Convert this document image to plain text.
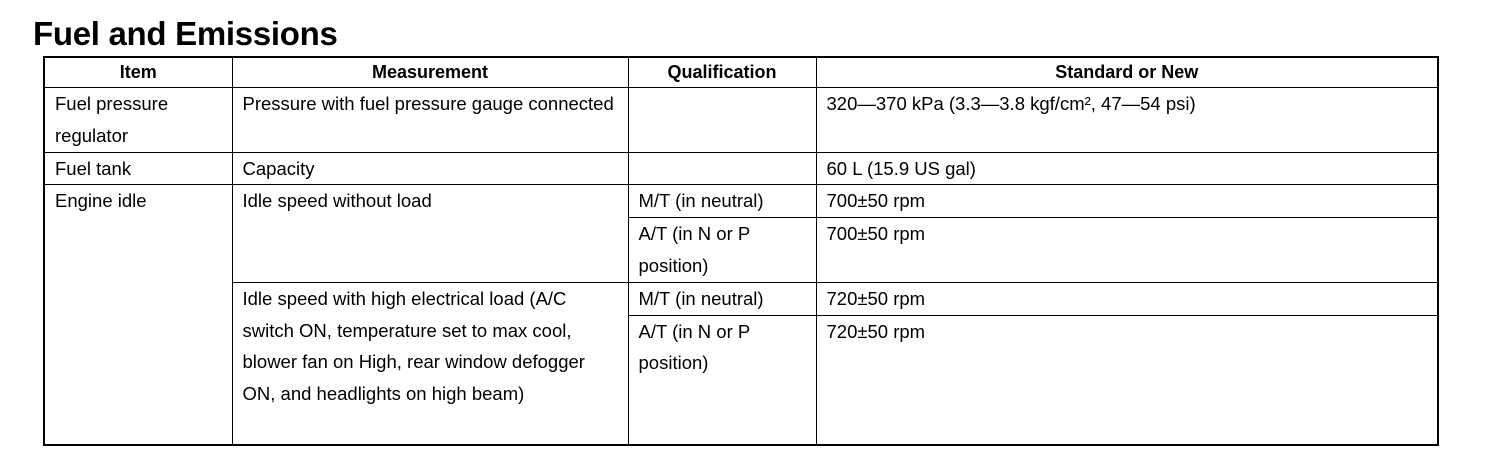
Fuel and Emissions
Item	Measurement	Qualification	Standard or New
Fuel pressure regulator	Pressure with fuel pressure gauge connected		320—370 kPa (3.3—3.8 kgf/cm², 47—54 psi)
Fuel tank	Capacity		60 L (15.9 US gal)
Engine idle	Idle speed without load	M/T (in neutral)	700±50 rpm
		A/T (in N or P position)	700±50 rpm
	Idle speed with high electrical load (A/C switch ON, temperature set to max cool, blower fan on High, rear window defogger ON, and headlights on high beam)	M/T (in neutral)	720±50 rpm
		A/T (in N or P position)	720±50 rpm
